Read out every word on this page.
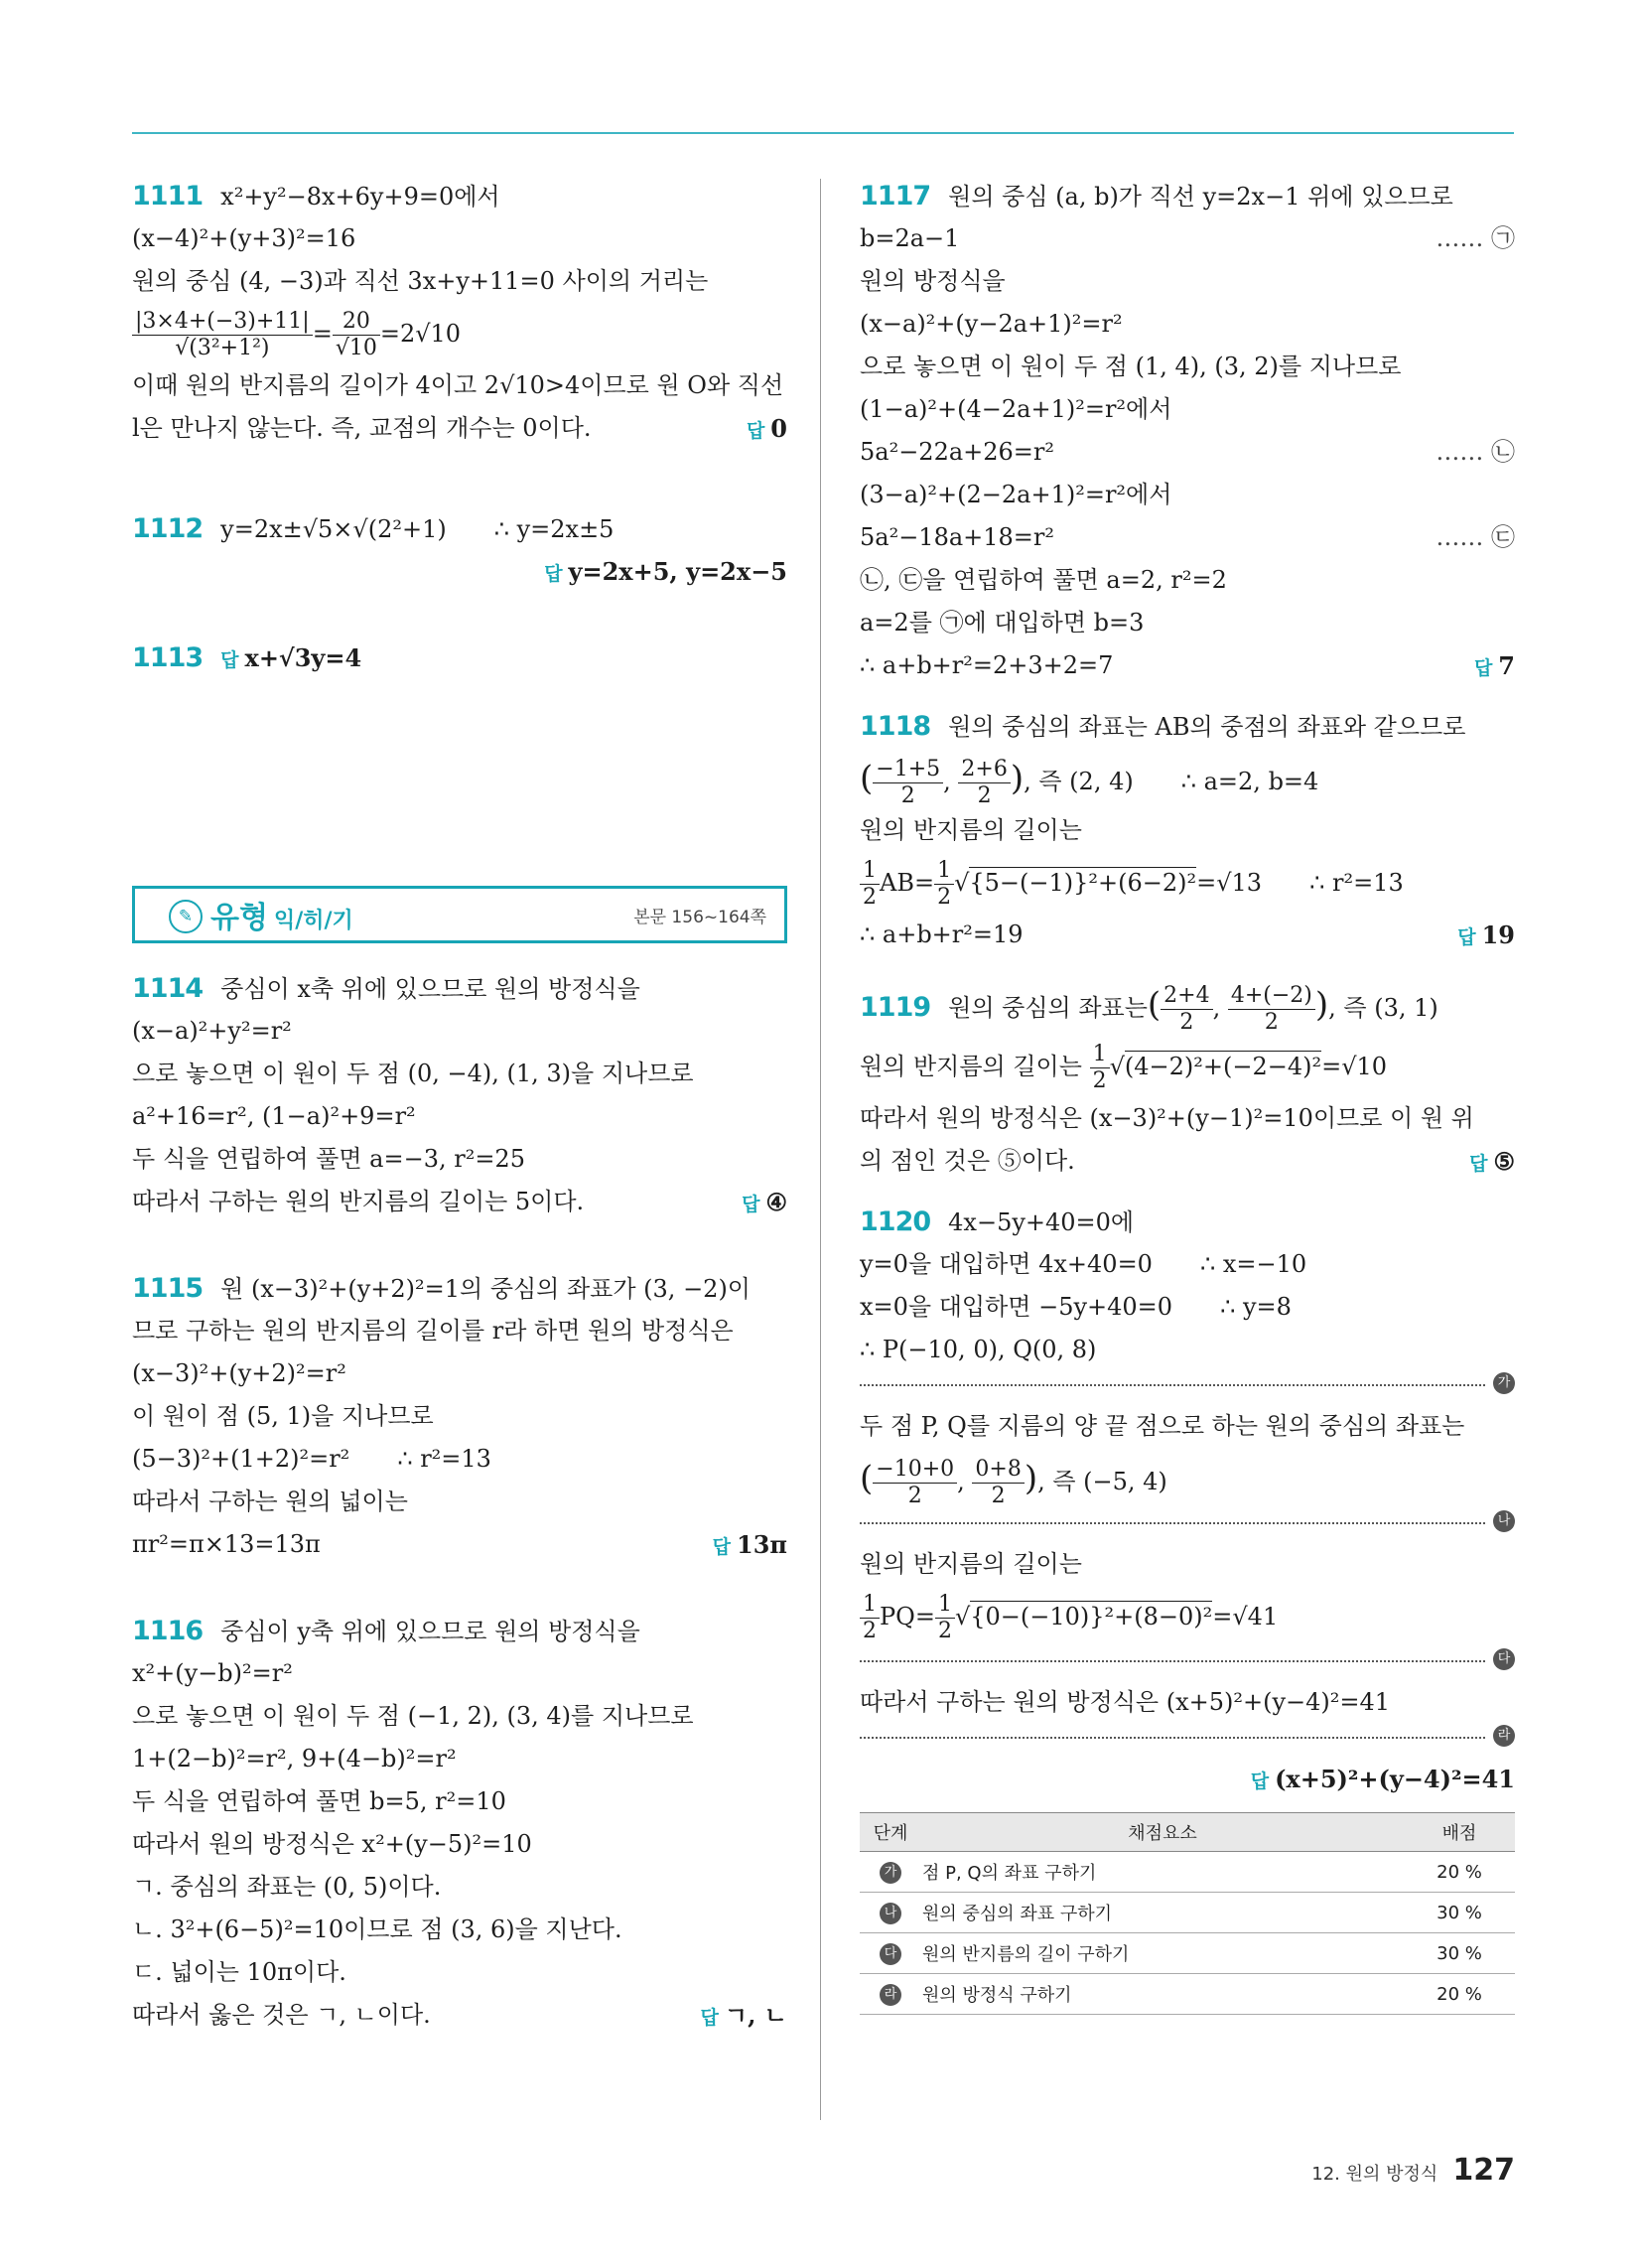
1111 x²+y²−8x+6y+9=0에서
(x−4)²+(y+3)²=16
원의 중심 (4, −3)과 직선 3x+y+11=0 사이의 거리는
$\frac{|3\times 4+(-3)+11|}{\text{√(3²+1²)}} = \frac{20}{√10} =2√10$
이때 원의 반지름의 길이가 4이고 2√10>4이므로 원 O와 직선
l은 만나지 않는다. 즉, 교점의 개수는 0이다.	답 0
1112 y=2x±√5×√(2²+1) ∴ y=2x±5
답 y=2x+5, y=2x−5
1113 답 x+√3y=4
✎ 유형 익/히/기	본문 156~164쪽
1114 중심이 x축 위에 있으므로 원의 방정식을
(x−a)²+y²=r²
으로 놓으면 이 원이 두 점 (0, −4), (1, 3)을 지나므로
a²+16=r², (1−a)²+9=r²
두 식을 연립하여 풀면 a=−3, r²=25
따라서 구하는 원의 반지름의 길이는 5이다.	답 ④
1115 원 (x−3)²+(y+2)²=1의 중심의 좌표가 (3, −2)이
므로 구하는 원의 반지름의 길이를 r라 하면 원의 방정식은
(x−3)²+(y+2)²=r²
이 원이 점 (5, 1)을 지나므로
(5−3)²+(1+2)²=r² ∴ r²=13
따라서 구하는 원의 넓이는
πr²=π×13=13π	답 13π
1116 중심이 y축 위에 있으므로 원의 방정식을
x²+(y−b)²=r²
으로 놓으면 이 원이 두 점 (−1, 2), (3, 4)를 지나므로
1+(2−b)²=r², 9+(4−b)²=r²
두 식을 연립하여 풀면 b=5, r²=10
따라서 원의 방정식은 x²+(y−5)²=10
ㄱ. 중심의 좌표는 (0, 5)이다.
ㄴ. 3²+(6−5)²=10이므로 점 (3, 6)을 지난다.
ㄷ. 넓이는 10π이다.
따라서 옳은 것은 ㄱ, ㄴ이다.	답 ㄱ, ㄴ
1117 원의 중심 (a, b)가 직선 y=2x−1 위에 있으므로
b=2a−1	…… ㉠
원의 방정식을
(x−a)²+(y−2a+1)²=r²
으로 놓으면 이 원이 두 점 (1, 4), (3, 2)를 지나므로
(1−a)²+(4−2a+1)²=r²에서
5a²−22a+26=r²	…… ㉡
(3−a)²+(2−2a+1)²=r²에서
5a²−18a+18=r²	…… ㉢
㉡, ㉢을 연립하여 풀면 a=2, r²=2
a=2를 ㉠에 대입하면 b=3
∴ a+b+r²=2+3+2=7	답 7
1118 원의 중심의 좌표는 AB의 중점의 좌표와 같으므로
( $\frac{-1+5}{2}$ , $\frac{2+6}{2}$ ), 즉 (2, 4) ∴ a=2, b=4
원의 반지름의 길이는
$\frac{1}{2} AB= \frac{1}{2} √\{5-(-1)\}^2+(6-2)^2=√13$ ∴ r²=13
∴ a+b+r²=19	답 19
1119 원의 중심의 좌표는( $\frac{2+4}{2}$ , $\frac{4+(-2)}{2}$ ), 즉 (3, 1)
원의 반지름의 길이는 $\frac{1}{2} √(4-2)^2+(-2-4)^2=√10$
따라서 원의 방정식은 (x−3)²+(y−1)²=10이므로 이 원 위
의 점인 것은 ⑤이다.	답 ⑤
1120 4x−5y+40=0에
y=0을 대입하면 4x+40=0 ∴ x=−10
x=0을 대입하면 −5y+40=0 ∴ y=8
∴ P(−10, 0), Q(0, 8)
가
두 점 P, Q를 지름의 양 끝 점으로 하는 원의 중심의 좌표는
( $\frac{-10+0}{2}$ , $\frac{0+8}{2}$ ), 즉 (−5, 4)
나
원의 반지름의 길이는
$\frac{1}{2} PQ= \frac{1}{2} √\{0-(-10)\}^2+(8-0)^2=√41$
다
따라서 구하는 원의 방정식은 (x+5)²+(y−4)²=41
라
답 (x+5)²+(y−4)²=41
단계	채점요소	배점
가	점 P, Q의 좌표 구하기	20 %
나	원의 중심의 좌표 구하기	30 %
다	원의 반지름의 길이 구하기	30 %
라	원의 방정식 구하기	20 %
12. 원의 방정식 127
